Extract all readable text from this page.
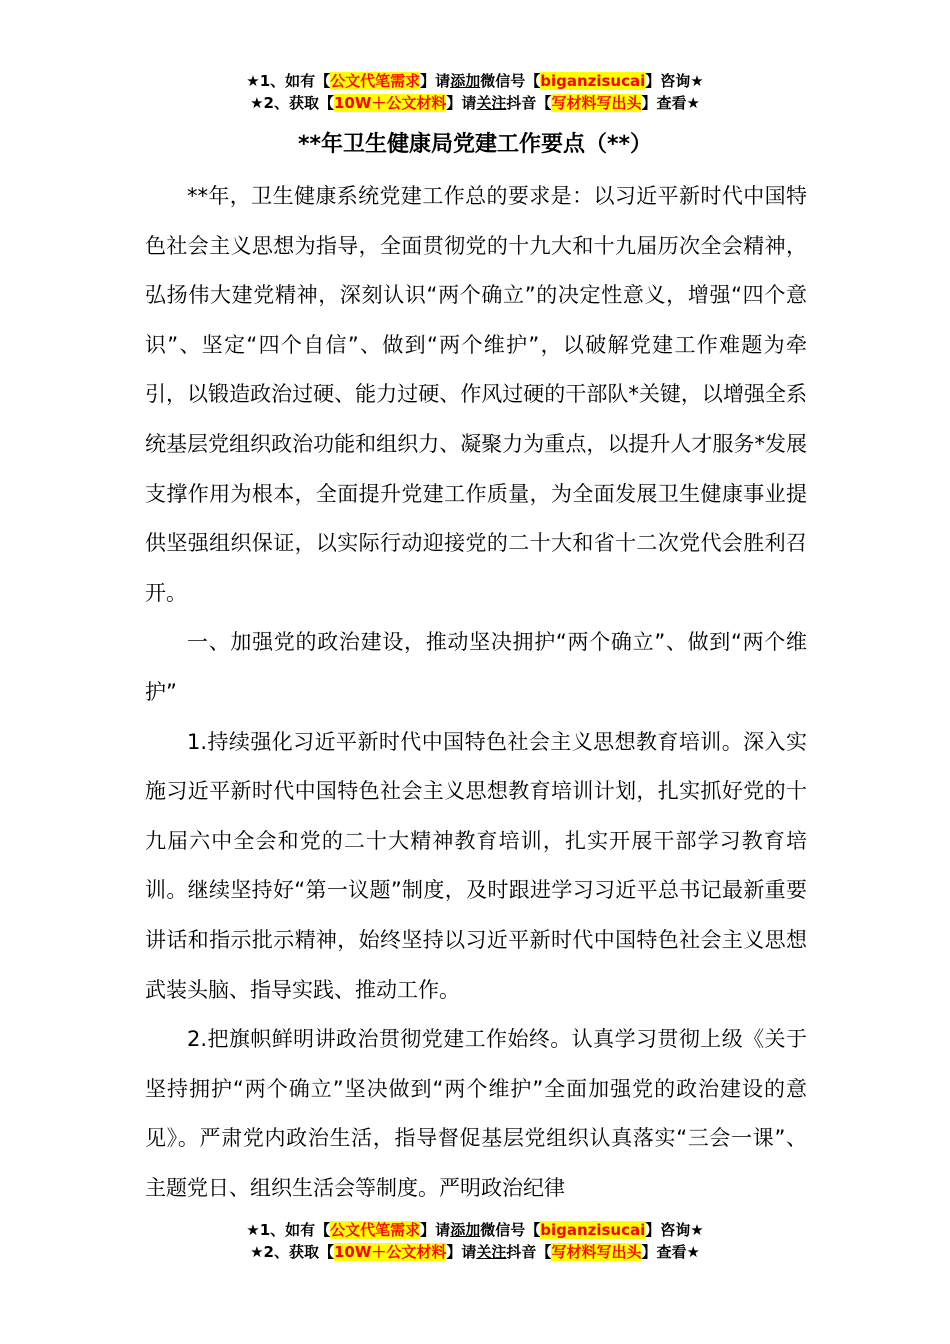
★1、如有【公文代笔需求】请添加微信号【biganzisucai】咨询★
★2、获取【10W＋公文材料】请关注抖音【写材料写出头】查看★
**年卫生健康局党建工作要点（**）

**年，卫生健康系统党建工作总的要求是：以习近平新时代中国特色社会主义思想为指导，全面贯彻党的十九大和十九届历次全会精神，弘扬伟大建党精神，深刻认识“两个确立”的决定性意义，增强“四个意识”、坚定“四个自信”、做到“两个维护”，以破解党建工作难题为牵引，以锻造政治过硬、能力过硬、作风过硬的干部队*关键，以增强全系统基层党组织政治功能和组织力、凝聚力为重点，以提升人才服务*发展支撑作用为根本，全面提升党建工作质量，为全面发展卫生健康事业提供坚强组织保证，以实际行动迎接党的二十大和省十二次党代会胜利召开。

一、加强党的政治建设，推动坚决拥护“两个确立”、做到“两个维护”

1.持续强化习近平新时代中国特色社会主义思想教育培训。深入实施习近平新时代中国特色社会主义思想教育培训计划，扎实抓好党的十九届六中全会和党的二十大精神教育培训，扎实开展干部学习教育培训。继续坚持好“第一议题”制度，及时跟进学习习近平总书记最新重要讲话和指示批示精神，始终坚持以习近平新时代中国特色社会主义思想武装头脑、指导实践、推动工作。

2.把旗帜鲜明讲政治贯彻党建工作始终。认真学习贯彻上级《关于坚持拥护“两个确立”坚决做到“两个维护”全面加强党的政治建设的意见》。严肃党内政治生活，指导督促基层党组织认真落实“三会一课”、主题党日、组织生活会等制度。严明政治纪律

★1、如有【公文代笔需求】请添加微信号【biganzisucai】咨询★
★2、获取【10W＋公文材料】请关注抖音【写材料写出头】查看★
